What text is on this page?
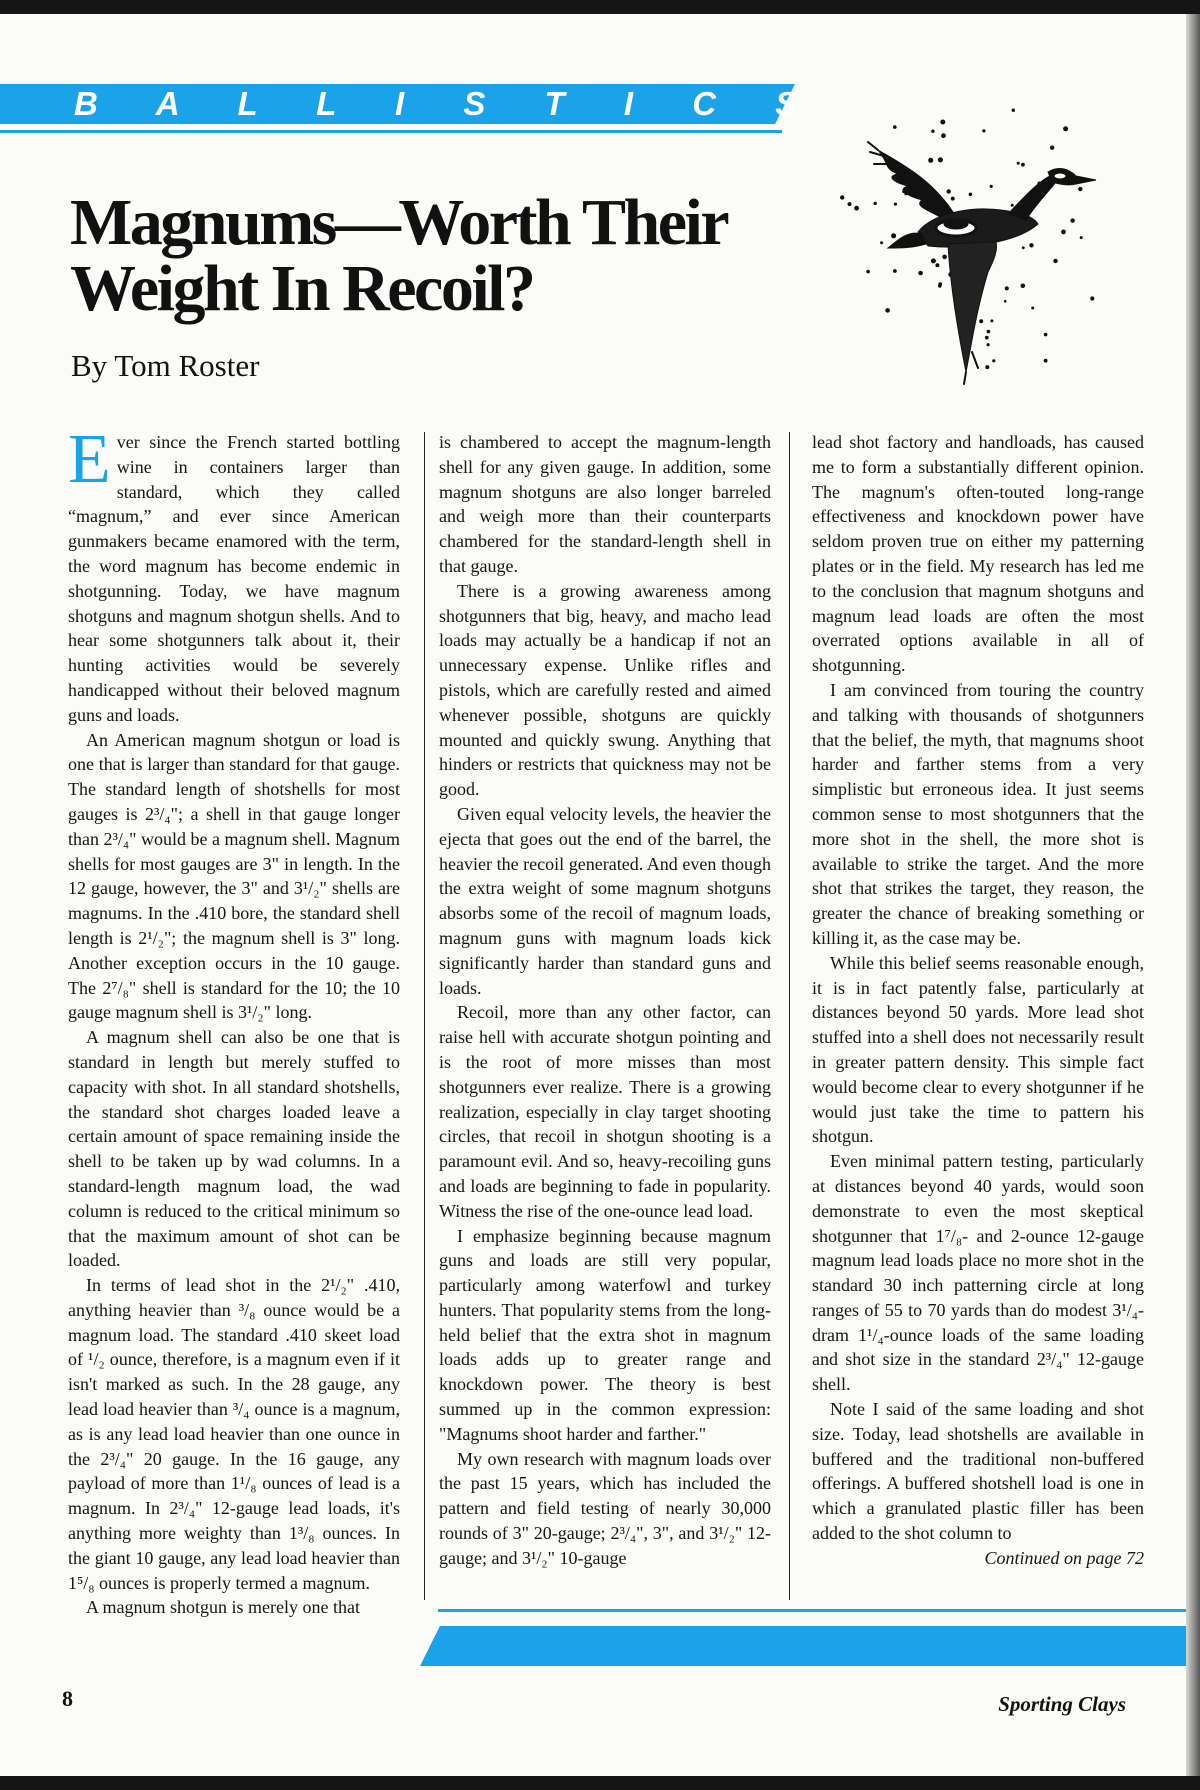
B A L L I S T I C S
Magnums—Worth Their Weight In Recoil?

By Tom Roster

Ever since the French started bottling wine in containers larger than standard, which they called “magnum,” and ever since American gunmakers became enamored with the term, the word magnum has become endemic in shotgunning. Today, we have magnum shotguns and magnum shotgun shells. And to hear some shotgunners talk about it, their hunting activities would be severely handicapped without their beloved magnum guns and loads.

An American magnum shotgun or load is one that is larger than standard for that gauge. The standard length of shotshells for most gauges is 2³/₄"; a shell in that gauge longer than 2³/₄" would be a magnum shell. Magnum shells for most gauges are 3" in length. In the 12 gauge, however, the 3" and 3¹/₂" shells are magnums. In the .410 bore, the standard shell length is 2¹/₂"; the magnum shell is 3" long. Another exception occurs in the 10 gauge. The 2⁷/₈" shell is standard for the 10; the 10 gauge magnum shell is 3¹/₂" long.

A magnum shell can also be one that is standard in length but merely stuffed to capacity with shot. In all standard shotshells, the standard shot charges loaded leave a certain amount of space remaining inside the shell to be taken up by wad columns. In a standard-length magnum load, the wad column is reduced to the critical minimum so that the maximum amount of shot can be loaded.

In terms of lead shot in the 2¹/₂" .410, anything heavier than ³/₈ ounce would be a magnum load. The standard .410 skeet load of ¹/₂ ounce, therefore, is a magnum even if it isn't marked as such. In the 28 gauge, any lead load heavier than ³/₄ ounce is a magnum, as is any lead load heavier than one ounce in the 2³/₄" 20 gauge. In the 16 gauge, any payload of more than 1¹/₈ ounces of lead is a magnum. In 2³/₄" 12-gauge lead loads, it's anything more weighty than 1³/₈ ounces. In the giant 10 gauge, any lead load heavier than 1⁵/₈ ounces is properly termed a magnum.

A magnum shotgun is merely one that

is chambered to accept the magnum-length shell for any given gauge. In addition, some magnum shotguns are also longer barreled and weigh more than their counterparts chambered for the standard-length shell in that gauge.

There is a growing awareness among shotgunners that big, heavy, and macho lead loads may actually be a handicap if not an unnecessary expense. Unlike rifles and pistols, which are carefully rested and aimed whenever possible, shotguns are quickly mounted and quickly swung. Anything that hinders or restricts that quickness may not be good.

Given equal velocity levels, the heavier the ejecta that goes out the end of the barrel, the heavier the recoil generated. And even though the extra weight of some magnum shotguns absorbs some of the recoil of magnum loads, magnum guns with magnum loads kick significantly harder than standard guns and loads.

Recoil, more than any other factor, can raise hell with accurate shotgun pointing and is the root of more misses than most shotgunners ever realize. There is a growing realization, especially in clay target shooting circles, that recoil in shotgun shooting is a paramount evil. And so, heavy-recoiling guns and loads are beginning to fade in popularity. Witness the rise of the one-ounce lead load.

I emphasize beginning because magnum guns and loads are still very popular, particularly among waterfowl and turkey hunters. That popularity stems from the long-held belief that the extra shot in magnum loads adds up to greater range and knockdown power. The theory is best summed up in the common expression: "Magnums shoot harder and farther."

My own research with magnum loads over the past 15 years, which has included the pattern and field testing of nearly 30,000 rounds of 3" 20-gauge; 2³/₄", 3", and 3¹/₂" 12-gauge; and 3¹/₂" 10-gauge

lead shot factory and handloads, has caused me to form a substantially different opinion. The magnum's often-touted long-range effectiveness and knockdown power have seldom proven true on either my patterning plates or in the field. My research has led me to the conclusion that magnum shotguns and magnum lead loads are often the most overrated options available in all of shotgunning.

I am convinced from touring the country and talking with thousands of shotgunners that the belief, the myth, that magnums shoot harder and farther stems from a very simplistic but erroneous idea. It just seems common sense to most shotgunners that the more shot in the shell, the more shot is available to strike the target. And the more shot that strikes the target, they reason, the greater the chance of breaking something or killing it, as the case may be.

While this belief seems reasonable enough, it is in fact patently false, particularly at distances beyond 50 yards. More lead shot stuffed into a shell does not necessarily result in greater pattern density. This simple fact would become clear to every shotgunner if he would just take the time to pattern his shotgun.

Even minimal pattern testing, particularly at distances beyond 40 yards, would soon demonstrate to even the most skeptical shotgunner that 1⁷/₈- and 2-ounce 12-gauge magnum lead loads place no more shot in the standard 30 inch patterning circle at long ranges of 55 to 70 yards than do modest 3¹/₄-dram 1¹/₄-ounce loads of the same loading and shot size in the standard 2³/₄" 12-gauge shell.

Note I said of the same loading and shot size. Today, lead shotshells are available in buffered and the traditional non-buffered offerings. A buffered shotshell load is one in which a granulated plastic filler has been added to the shot column to

Continued on page 72

8	Sporting Clays
